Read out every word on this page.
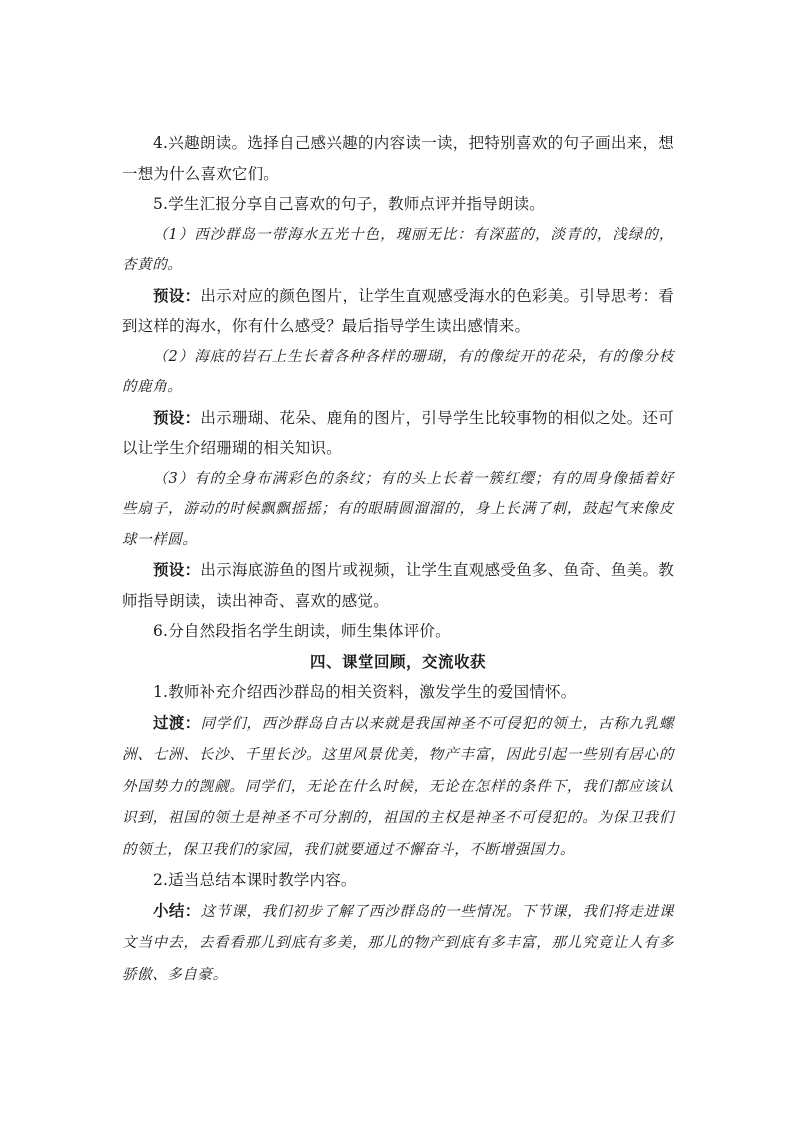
4.兴趣朗读。选择自己感兴趣的内容读一读，把特别喜欢的句子画出来，想一想为什么喜欢它们。

5.学生汇报分享自己喜欢的句子，教师点评并指导朗读。

（1）西沙群岛一带海水五光十色，瑰丽无比：有深蓝的，淡青的，浅绿的，杏黄的。

预设：出示对应的颜色图片，让学生直观感受海水的色彩美。引导思考：看到这样的海水，你有什么感受？最后指导学生读出感情来。

（2）海底的岩石上生长着各种各样的珊瑚，有的像绽开的花朵，有的像分枝的鹿角。

预设：出示珊瑚、花朵、鹿角的图片，引导学生比较事物的相似之处。还可以让学生介绍珊瑚的相关知识。

（3）有的全身布满彩色的条纹；有的头上长着一簇红缨；有的周身像插着好些扇子，游动的时候飘飘摇摇；有的眼睛圆溜溜的，身上长满了刺，鼓起气来像皮球一样圆。

预设：出示海底游鱼的图片或视频，让学生直观感受鱼多、鱼奇、鱼美。教师指导朗读，读出神奇、喜欢的感觉。

6.分自然段指名学生朗读，师生集体评价。

四、课堂回顾，交流收获

1.教师补充介绍西沙群岛的相关资料，激发学生的爱国情怀。

过渡：同学们，西沙群岛自古以来就是我国神圣不可侵犯的领土，古称九乳螺洲、七洲、长沙、千里长沙。这里风景优美，物产丰富，因此引起一些别有居心的外国势力的觊觎。同学们，无论在什么时候，无论在怎样的条件下，我们都应该认识到，祖国的领土是神圣不可分割的，祖国的主权是神圣不可侵犯的。为保卫我们的领土，保卫我们的家园，我们就要通过不懈奋斗，不断增强国力。

2.适当总结本课时教学内容。

小结：这节课，我们初步了解了西沙群岛的一些情况。下节课，我们将走进课文当中去，去看看那儿到底有多美，那儿的物产到底有多丰富，那儿究竟让人有多骄傲、多自豪。
